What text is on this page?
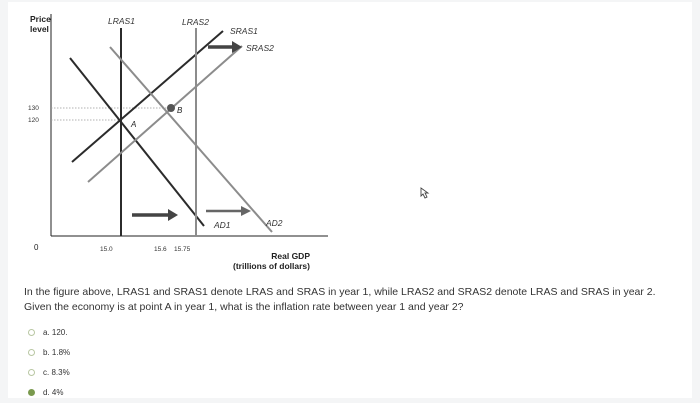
Price
level
Real GDP
(trillions of dollars)
0
130
120
15.0	15.6 15.75
A
B
LRAS1	LRAS2
SRAS1
SRAS2
AD1	AD2

In the figure above, LRAS1 and SRAS1 denote LRAS and SRAS in year 1, while LRAS2 and SRAS2 denote LRAS and SRAS in year 2.

Given the economy is at point A in year 1, what is the inflation rate between year 1 and year 2?

a. 120.
b. 1.8%
c. 8.3%
d. 4%
